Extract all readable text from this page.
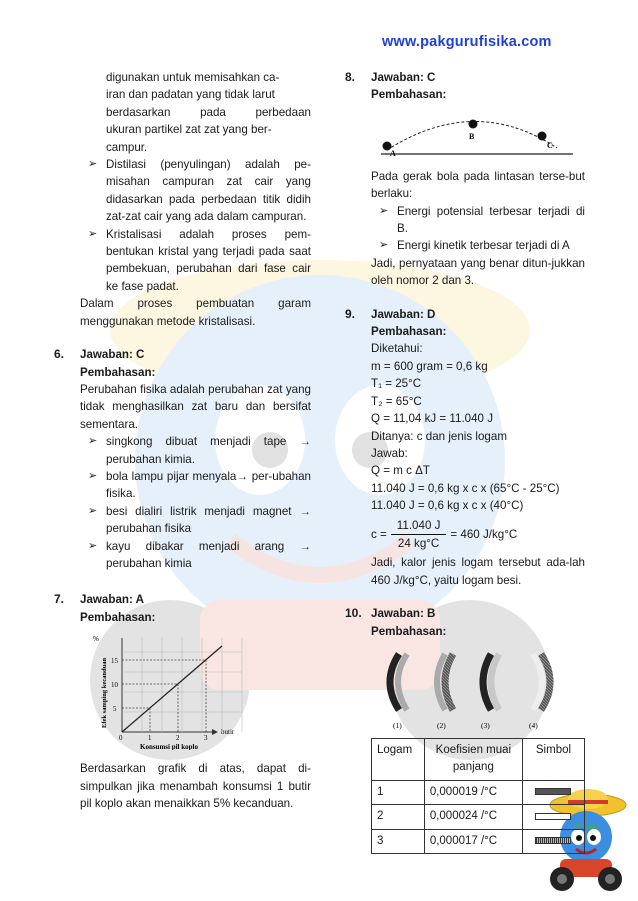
www.pakgurufisika.com
digunakan untuk memisahkan ca-
iran dan padatan yang tidak larut
berdasarkan	pada	perbedaan
ukuran partikel zat zat yang ber-
campur.
➢ Distilasi (penyulingan) adalah pe-misahan campuran zat cair yang didasarkan pada perbedaan titik didih zat-zat cair yang ada dalam campuran.
➢ Kristalisasi adalah proses pem-bentukan kristal yang terjadi pada saat pembekuan, perubahan dari fase cair ke fase padat.
Dalam proses pembuatan garam menggunakan metode kristalisasi.
6. Jawaban: C
Pembahasan:
Perubahan fisika adalah perubahan zat yang tidak menghasilkan zat baru dan bersifat sementara.
➢ singkong dibuat menjadi tape → perubahan kimia.
➢ bola lampu pijar menyala→ per-ubahan fisika.
➢ besi dialiri listrik menjadi magnet → perubahan fisika
➢ kayu dibakar menjadi arang → perubahan kimia
7. Jawaban: A
Pembahasan:
%
Efek samping kecanduan
butir
5
10
15
0	1	2	3
Konsumsi pil koplo
Berdasarkan grafik di atas, dapat di-simpulkan jika menambah konsumsi 1 butir pil koplo akan menaikkan 5% kecanduan.
8. Jawaban: C
Pembahasan:
A
B
C
Pada gerak bola pada lintasan terse-but berlaku:
➢ Energi potensial terbesar terjadi di B.
➢ Energi kinetik terbesar terjadi di A
Jadi, pernyataan yang benar ditun-jukkan oleh nomor 2 dan 3.
9. Jawaban: D
Pembahasan:
Diketahui:
m = 600 gram = 0,6 kg
T₁ = 25°C
T₂ = 65°C
Q = 11,04 kJ = 11.040 J
Ditanya: c dan jenis logam
Jawab:
Q = m c ΔT
11.040 J = 0,6 kg x c x (65°C - 25°C)
11.040 J = 0,6 kg x c x (40°C)
$c = \frac{11.040 J}{24 kg^\circ C} = 460$ J/kg°C
Jadi, kalor jenis logam tersebut ada-lah 460 J/kg°C, yaitu logam besi.
10. Jawaban: B
Pembahasan:
(1)	(2)	(3)	(4)
Logam	Koefisien muai panjang	Simbol
1	0,000019 /°C	
2	0,000024 /°C	
3	0,000017 /°C	
